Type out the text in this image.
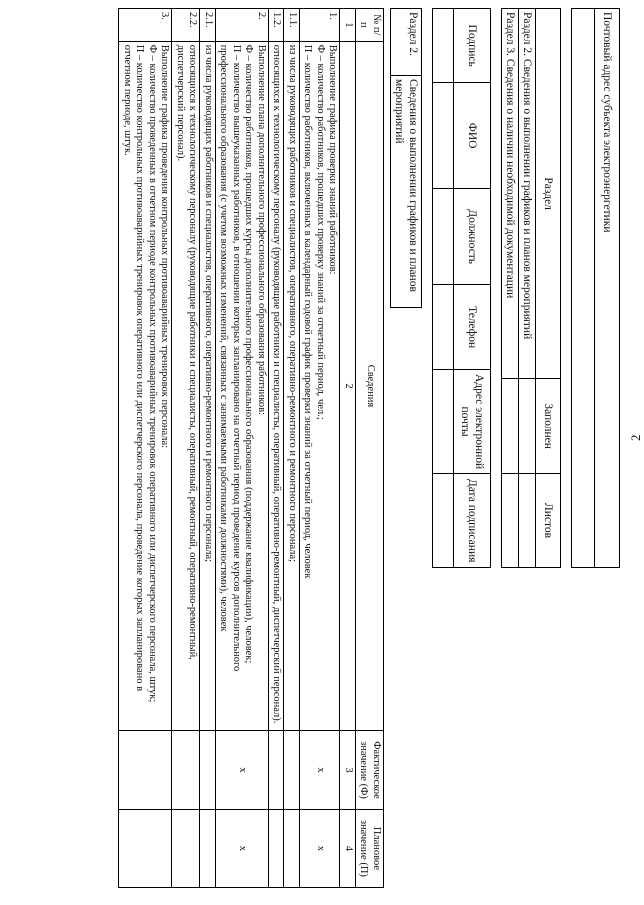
2
Почтовый адрес субъекта электроэнергетики

Раздел	Заполнен	Листов
Раздел 2. Сведения о выполнении графиков и планов мероприятий		
Раздел 3. Сведения о наличии необходимой документации		
Подпись	ФИО	Должность	Телефон	Адрес электронной почты	Дата подписания

Раздел 2.	Сведения о выполнении графиков и планов мероприятий
№ п/п	Сведения	Фактическое значение (Ф)	Плановое значение (П)
1	2	3	4
1.	Выполнение графика проверки знаний работников:
Ф – количество работников, прошедших проверку знаний за отчетный период, чел.;
П – количество работников, включенных в календарный годовой график проверки знаний за отчетный период, человек	x	x
1.1.	из числа руководящих работников и специалистов, оперативного, оперативно-ремонтного и ремонтного персонала;		

1.2.	относящихся к технологическому персоналу (руководящие работники и специалисты, оперативный, оперативно-ремонтный, диспетчерский персонал).		

2.	Выполнение плана дополнительного профессионального образования работников:
Ф – количество работников, прошедших курсы дополнительного профессионального образования (поддержание квалификации), человек;
П – количество вышеуказанных работников, в отношении которых запланировано на отчетный период проведение курсов дополнительного профессионального образования (с учетом возможных изменений, связанных с занимаемыми работниками должностями), человек	x	x
2.1.	из числа руководящих работников и специалистов, оперативного, оперативно-ремонтного и ремонтного персонала;		

2.2.	относящихся к технологическому персоналу (руководящие работники и специалисты, оперативный, ремонтный, оперативно-ремонтный, диспетчерский персонал).		

3.	Выполнение графика проведения контрольных противоаварийных тренировок персонала:
Ф – количество проведенных в отчетном периоде контрольных противоаварийных тренировок оперативного или диспетчерского персонала, штук;
П – количество контрольных противоаварийных тренировок оперативного или диспетчерского персонала, проведение которых запланировано в отчетном периоде, штук.		
